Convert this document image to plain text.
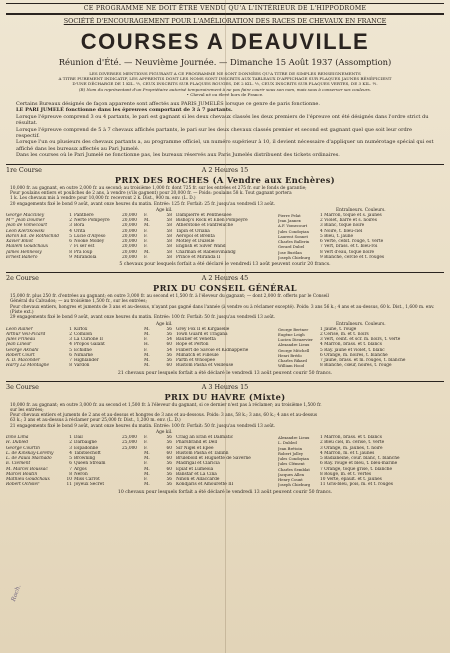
CE PROGRAMME NE DOIT ÊTRE VENDU QU'A L'INTÉRIEUR DE L'HIPPODROME
SOCIÉTÉ D'ENCOURAGEMENT POUR L'AMÉLIORATION DES RACES DE CHEVAUX EN FRANCE
COURSES A DEAUVILLE
Réunion d'Été. — Neuvième Journée. — Dimanche 15 Août 1937 (Assomption)
LES DIVERSES MENTIONS FIGURANT A CE PROGRAMME NE SONT DONNÉES QU'A TITRE DE SIMPLES RENSEIGNEMENTS
A TITRE PUREMENT INDICATIF, LES APPRENTIS DONT LES NOMS SONT INSCRITS AUX TABLEAUX D'AFFICHAGE SUR PLAQUES JAUNES BÉNÉFICIENT
D'UNE DÉCHARGE DE 1 KIL. ½, CEUX INSCRITS SUR PLAQUES ROUGES, DE 2 KIL. ½, CEUX INSCRITS SUR PLAQUES VERTES, DE 3 KIL. ½.
(R) Nom du représentant d'un Propriétaire autorisé temporairement à ne pas faire courir sous son nom, mais sous à conserver ses couleurs.
• Cheval né ou élevé hors de France.
Certains Bureaux désignés de façon apparente sont affectés aux PARIS JUMELÉS lorsque ce genre de paris fonctionne.
LE PARI JUMELÉ fonctionne dans les épreuves comportant de 3 à 7 partants.
Lorsque l'épreuve comprend 3 ou 4 partants, le pari est gagnant si les deux chevaux classés les deux premiers de l'épreuve ont été désignés dans l'ordre strict du résultat.
Lorsque l'épreuve comprend de 5 à 7 chevaux affichés partants, le pari sur les deux chevaux classés premier et second est gagnant quel que soit leur ordre respectif.
Lorsque l'un ou plusieurs des chevaux partants a, au programme officiel, un numéro supérieur à 10, il devient nécessaire d'appliquer un numérotage spécial qui est affiché dans les bureaux affectés au Pari Jumelé.
Dans les courses où le Pari Jumelé ne fonctionne pas, les bureaux réservés aux Paris Jumelés distribuent des tickets ordinaires.
1re Course	A 2 Heures 15
PRIX DES ROCHES (A Vendre aux Enchères)
10,000 fr. au gagnant, en outre 2,000 fr. au second; au troisième 1,000 fr. dont 725 fr. sur les entrées et 275 fr. sur le fonds de garantie;
Pour poulains entiers et pouliches de 2 ans, à vendre (s'ils gagnent) pour 20,000 fr. — Poids: poulains 58 k. Tout gagnant portera
1 k. Les chevaux mis à vendre pour 10,000 fr. recevront 2 k. Dist., 900 m. env. (L. D.)
20 engagements fixé le bond 9 août, avant onze heures du matin. Entrée: 125 fr. Forfait: 25 fr. jusqu'au vendredi 13 août.
Age kil.	Entraîneurs. Couleurs.
George Maccliley	1 Panthère	20,000	F.	58 Dampierre et Penthésilée	Pierre Pelat	1 Marron, toque et s. jaunes
M™ Jean Doumer	2 Nerte Pompeyre	20,000	M.	58 Bishop's Rock et Ellen Pompeyre	Jean Jannex	2 Violet, barre et s. noires
Jean de Vomecourt	3 Bora	20,000	M.	58 Atherstone et Fanfreluche	A.F. Vomecourt	3 Blanc, toque noire
Léon Klerzkowski	4 Orita	20,000	F.	58 Tapin et Oriana	Jules Condoyian	4 Noire, t. bleu-ciel
Baron Ed. de Rothschild	5 Lucie d'Alyeso	20,000	F.	58 Aéropol et Brenta	Laurent Sonnet	5 Bleu, t. jaune
Xavier Biliot	6 Nooke Molley	20,000	F.	58 Motley et Duzelle	Charles Ballerin	6 Verte, cebit. rouge, t. verte
Mallem Goudchaux	7 Fi ser est	20,000	F.	58 English et Silver Wand	Gerard Dubel	7 Vert, brass. et t. bleu-roi
James Hennessy	8 Pra loup	20,000	M.	58 Charman et Rabelovinandg	Jose Bustlan	8 Vert d'eau, toque noire
Ernest Ballero	9 Mirandola	20,000	F.	58 Prince et Miranda II	Joseph Chieburg	9 Blanche, cercle et t. rouges
5 chevaux pour lesquels forfait a été déclaré le vendredi 13 août peuvent courir 20 francs.
2e Course	A 2 Heures 45
PRIX DU CONSEIL GÉNÉRAL
15,000 fr. plus 250 fr. d'entrées au gagnant; en outre 3,000 fr. au second et 1,500 fr. à l'éleveur du gagnant; — dont 2,000 fr. offerts par le Conseil
Général du Calvados; — au troisième 1,500 fr., sur les entrées;
Pour chevaux entiers, hongres et juments de 3 ans et au-dessus, n'ayant pas gagné dans l'année (à vendre ou à réclamer excepté). Poids: 3 ans 56 k.; 4 ans et au-dessus, 60 k. Dist., 1,600 m. env. (Piste ext.)
29 engagements fixé le bond 9 août, avant onze heures du matin. Entrée: 100 fr. Forfait: 50 fr. jusqu'au vendredi 13 août.
Age kil.	Entraîneurs. Couleurs.
Léon Rainer	1 Kirfox	M.	56 Grey Fox II et Kirgaselle	George Bertner	1 Jaune, t. rouge
Arthur Veil-Picard	2 Comilon	M.	56 Town Guard et Tragana	Eugène Leigh	2 Cerise, m. et t. noirs
Jules Frineau	3 La Curione II	F.	54 Bautier et Venetta	Lucien Dieuzevier	3 Vert, ceint. et scr. m. noirs, t. verte
Jean Linear	4 Propos Galant	H.	60 Rope et Pertoli	Alexandre Lieux	4 Marron, brass. et t. blancs
George Aknahl	5 Echidne	F.	54 Filibert de Savoie et Kidnapperie	George Mitchell	5 Ray. jaune et violet, t. blanc
Robert Court	6 Nimarke	M.	56 Mimatch et Filleule	Henri Brédo	6 Orange, m. noires, t. blanche
A. D. Maconder	7 Highlander	M.	56 Parth et Whoopee	Charles Rikard	7 Jaune, brass. et m. rouges, t. blanche
Harry La Montagne	8 Vardon	M.	60 Rustom Pasha et Veilleuse	William Hood	8 Blanche, cœur, noires, t. rouge
21 chevaux pour lesquels forfait a été déclaré le vendredi 13 août peuvent courir 50 francs.
3e Course	A 3 Heures 15
PRIX DU HAVRE (Mixte)
10,000 fr. au gagnant; en outre 3,000 fr. au second et 1,500 fr. à l'éleveur du gagnant, si ce dernier n'est pas à réclamer; au troisième 1,500 fr.
sur les entrées;
Pour chevaux entiers et juments de 2 ans et au-dessus et hongres de 3 ans et au-dessous. Poids: 3 ans, 58 k.; 3 ans, 60 k.; 4 ans et au-dessus
63 k.; 3 ans et au-dessus à réclamer pour 25,000 fr. Dist., 1,200 m. env. (L. D.)
21 engagements fixé le bond 9 août, avant onze heures du matin. Entrée: 100 fr. Forfait: 50 fr. jusqu'au vendredi 13 août.
Age kil.
Dino Lima	1 Dail	25,000	F.	56 Craig an Eran et Dalmatic	Alexandre Lieux	1 Marron, brass. et t. blancs
H. Dubled	2 Darbaigne	25,000	F.	56 Pharsbrand et Dell	L. Dubled	2 Bleu ciel, m. cerise, t. verte
George Courtin	3 Espadonne	25,000	F.	60 Sir Nigel et Epée	Jean Brétoin	3 Orange, m. jaunes, t. noire
L. de Kinskay-Loremy	4 Tabitsechoft	M.	60 Rustom Pasha et Tallinn	Robert Jolley	4 Marron, m. et t. jaunes
L. de Paula Machado	5 Browning	M.	60 Brulebold et Huguette de Saverne	Jules Condoyian	5 Badianeine, cour. blanc, t. blanche
E. Clément	6 Queen Stream	F.	56 Madrigal et Claricia	Jules Clément	6 Ray. rouge et bleu, t. bleu-marine
M. Marcel Boussac	7 Argos	M.	60 Epiaf et Luméoia	Charles Semblat	7 Orange, toque grise, t. blanche
Marcel Boutin	8 Néron	M.	56 Banstar et La Cina	Jacques Allen	8 Rouge, m. et t. vertes
Mathieu Goudchaux	10 Miss Carrot	F.	56 Ninon et Allaccarde	Henry Count	10 Verte, épault. et t. jaunes
Robert Ochsler	11 Joyeux Secret	M.	56 Kondjaris et Amourette III	Joseph Chieburg	11 Gris-bleu, pois, m. et t. rouges
10 chevaux pour lesquels forfait a été déclaré le vendredi 13 août peuvent courir 50 francs.
Roch.
